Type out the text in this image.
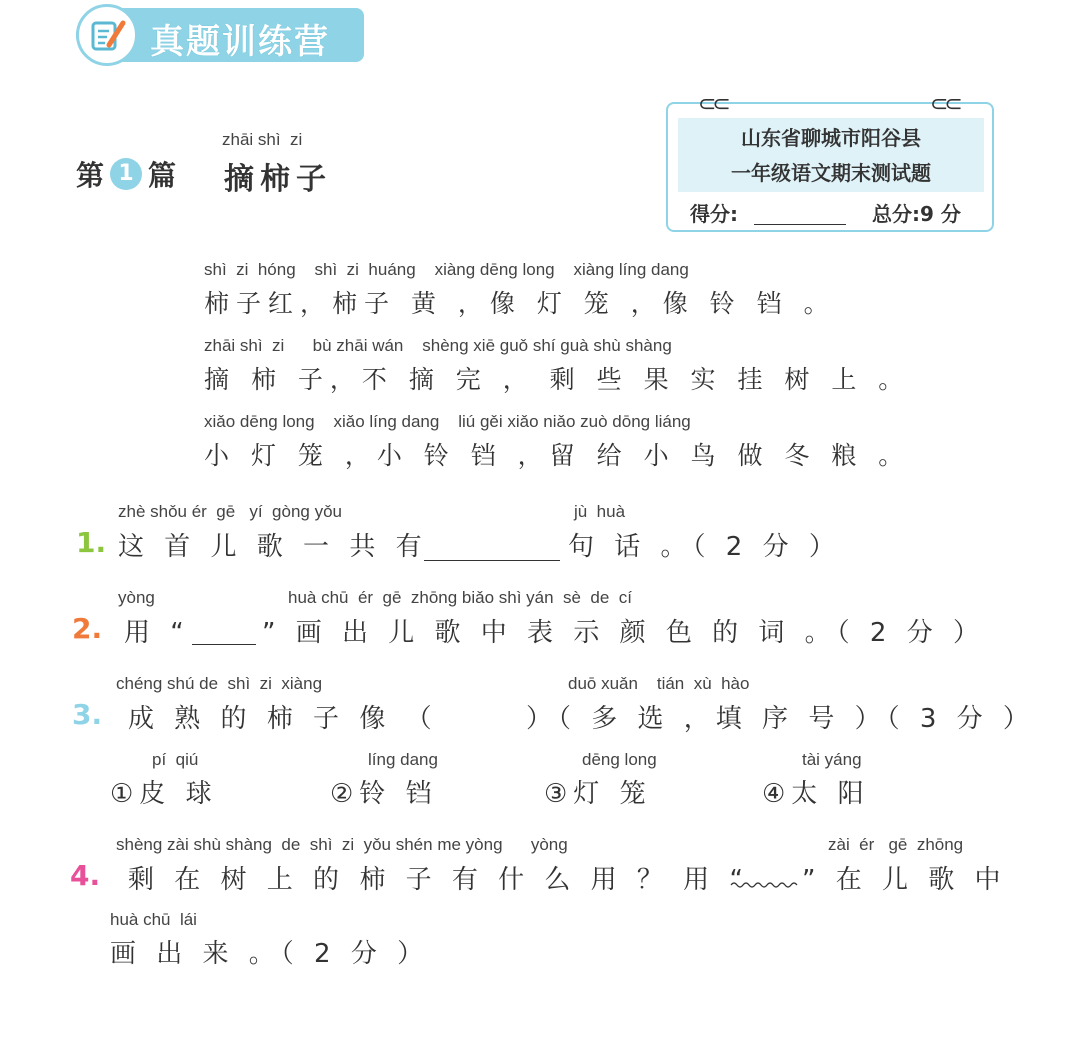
真题训练营
第 1 篇
zhāi shì  zi
摘柿子
⊂⊂	⊂⊂
山东省聊城市阳谷县
一年级语文期末测试题
得分:	总分:9 分
shì  zi  hóng    shì  zi  huáng    xiàng dēng long    xiàng líng dang
柿子红，柿子 黄 ，像 灯 笼 ，像 铃 铛 。
zhāi shì  zi      bù zhāi wán    shèng xiē guǒ shí guà shù shàng
摘 柿 子，不 摘 完 ， 剩 些 果 实 挂 树 上 。
xiǎo dēng long    xiǎo líng dang    liú gěi xiǎo niǎo zuò dōng liáng
小 灯 笼 ，小 铃 铛 ，留 给 小 鸟 做 冬 粮 。
zhè shǒu ér  gē   yí  gòng yǒu	jù  huà
1. 这 首 儿 歌 一 共 有	句 话 。（ 2 分 ）
yòng	huà chū  ér  gē  zhōng biǎo shì yán  sè  de  cí
2. 用 “	” 画 出 儿 歌 中 表 示 颜 色 的 词 。（ 2 分 ）
chéng shú de  shì  zi  xiàng	duō xuǎn    tián  xù  hào
3. 成 熟 的 柿 子 像 （	）（ 多 选 ，填 序 号 ）（ 3 分 ）
pí  qiú
①皮 球
líng dang
②铃 铛
dēng long
③灯 笼
tài yáng
④太 阳
shèng zài shù shàng  de  shì  zi  yǒu shén me yòng      yòng	zài  ér   gē  zhōng
4. 剩 在 树 上 的 柿 子 有 什 么 用 ？ 用 “ ” 在 儿 歌 中
huà chū  lái
画 出 来 。（ 2 分 ）
